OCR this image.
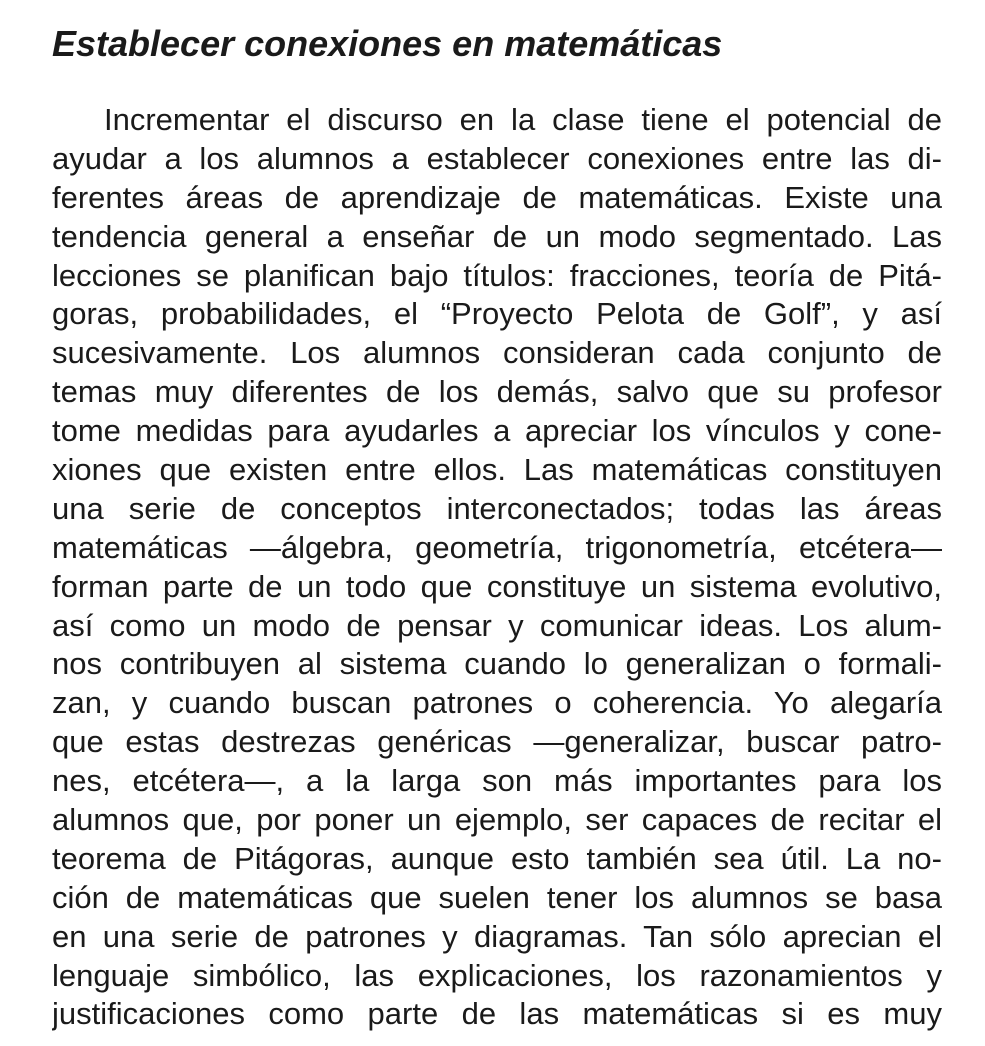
Establecer conexiones en matemáticas
Incrementar el discurso en la clase tiene el potencial de
ayudar a los alumnos a establecer conexiones entre las di-
ferentes áreas de aprendizaje de matemáticas. Existe una
tendencia general a enseñar de un modo segmentado. Las
lecciones se planifican bajo títulos: fracciones, teoría de Pitá-
goras, probabilidades, el “Proyecto Pelota de Golf”, y así
sucesivamente. Los alumnos consideran cada conjunto de
temas muy diferentes de los demás, salvo que su profesor
tome medidas para ayudarles a apreciar los vínculos y cone-
xiones que existen entre ellos. Las matemáticas constituyen
una serie de conceptos interconectados; todas las áreas
matemáticas —álgebra, geometría, trigonometría, etcétera—
forman parte de un todo que constituye un sistema evolutivo,
así como un modo de pensar y comunicar ideas. Los alum-
nos contribuyen al sistema cuando lo generalizan o formali-
zan, y cuando buscan patrones o coherencia. Yo alegaría
que estas destrezas genéricas —generalizar, buscar patro-
nes, etcétera—, a la larga son más importantes para los
alumnos que, por poner un ejemplo, ser capaces de recitar el
teorema de Pitágoras, aunque esto también sea útil. La no-
ción de matemáticas que suelen tener los alumnos se basa
en una serie de patrones y diagramas. Tan sólo aprecian el
lenguaje simbólico, las explicaciones, los razonamientos y
justificaciones como parte de las matemáticas si es muy
